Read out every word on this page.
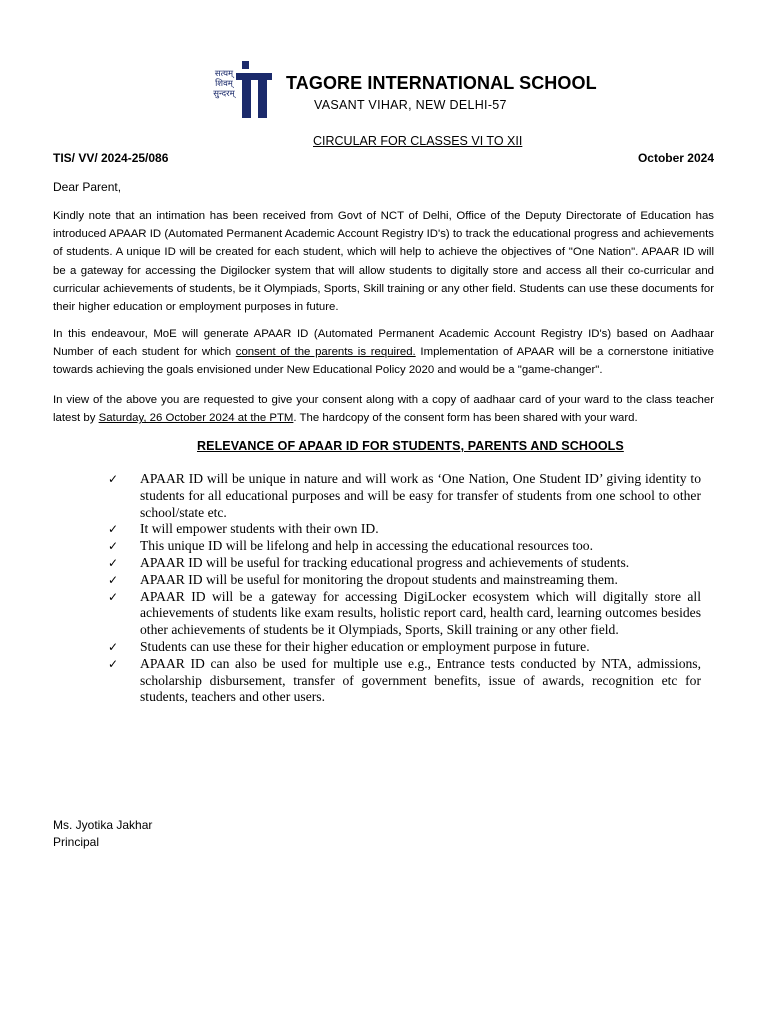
सत्यम् शिवम् सुन्दरम्
TAGORE INTERNATIONAL SCHOOL
VASANT VIHAR, NEW DELHI-57
CIRCULAR FOR CLASSES VI TO XII
TIS/ VV/ 2024-25/086	October 2024
Dear Parent,

Kindly note that an intimation has been received from Govt of NCT of Delhi, Office of the Deputy Directorate of Education has introduced APAAR ID (Automated Permanent Academic Account Registry ID's) to track the educational progress and achievements of students. A unique ID will be created for each student, which will help to achieve the objectives of "One Nation". APAAR ID will be a gateway for accessing the Digilocker system that will allow students to digitally store and access all their co-curricular and curricular achievements of students, be it Olympiads, Sports, Skill training or any other field. Students can use these documents for their higher education or employment purposes in future.

In this endeavour, MoE will generate APAAR ID (Automated Permanent Academic Account Registry ID's) based on Aadhaar Number of each student for which consent of the parents is required. Implementation of APAAR will be a cornerstone initiative towards achieving the goals envisioned under New Educational Policy 2020 and would be a "game-changer".

In view of the above you are requested to give your consent along with a copy of aadhaar card of your ward to the class teacher latest by Saturday, 26 October 2024 at the PTM. The hardcopy of the consent form has been shared with your ward.

RELEVANCE OF APAAR ID FOR STUDENTS, PARENTS AND SCHOOLS
✓ APAAR ID will be unique in nature and will work as ‘One Nation, One Student ID’ giving identity to students for all educational purposes and will be easy for transfer of students from one school to other school/state etc.
✓ It will empower students with their own ID.
✓ This unique ID will be lifelong and help in accessing the educational resources too.
✓ APAAR ID will be useful for tracking educational progress and achievements of students.
✓ APAAR ID will be useful for monitoring the dropout students and mainstreaming them.
✓ APAAR ID will be a gateway for accessing DigiLocker ecosystem which will digitally store all achievements of students like exam results, holistic report card, health card, learning outcomes besides other achievements of students be it Olympiads, Sports, Skill training or any other field.
✓ Students can use these for their higher education or employment purpose in future.
✓ APAAR ID can also be used for multiple use e.g., Entrance tests conducted by NTA, admissions, scholarship disbursement, transfer of government benefits, issue of awards, recognition etc for students, teachers and other users.
Ms. Jyotika Jakhar
Principal
